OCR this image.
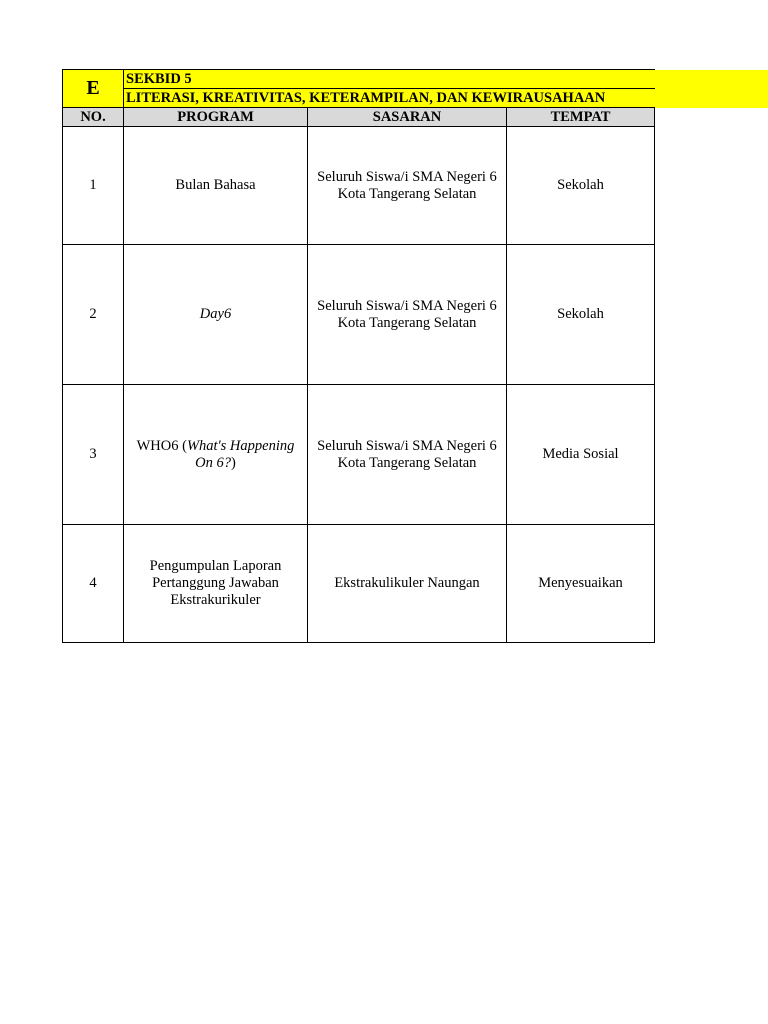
E	SEKBID 5		
	LITERASI, KREATIVITAS, KETERAMPILAN, DAN KEWIRAUSAHAAN		
NO.	PROGRAM	SASARAN	TEMPAT
1	Bulan Bahasa	Seluruh Siswa/i SMA Negeri 6 Kota Tangerang Selatan	Sekolah
2	Day6	Seluruh Siswa/i SMA Negeri 6 Kota Tangerang Selatan	Sekolah
3	WHO6 (What's Happening On 6?)	Seluruh Siswa/i SMA Negeri 6 Kota Tangerang Selatan	Media Sosial
4	Pengumpulan Laporan Pertanggung Jawaban Ekstrakurikuler	Ekstrakulikuler Naungan	Menyesuaikan
